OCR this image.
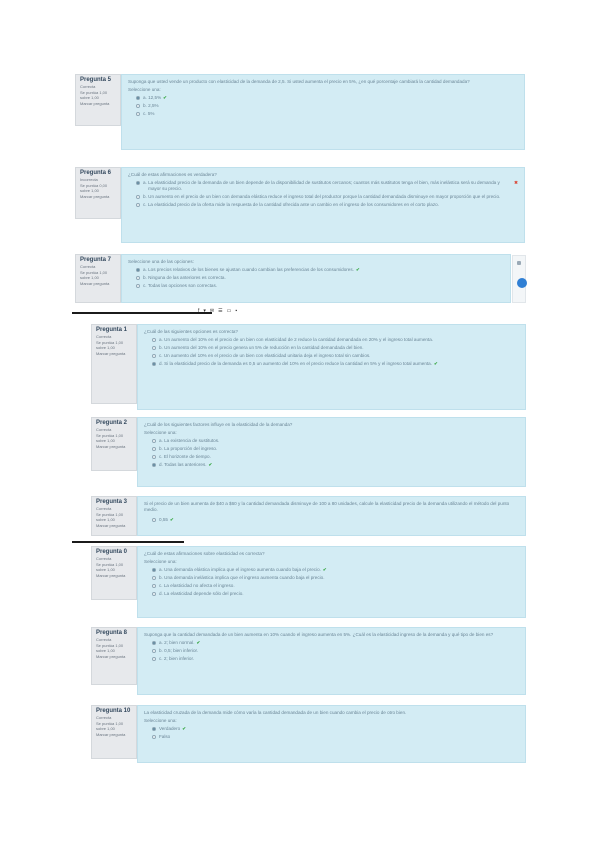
Pregunta 5
Correcta
Se puntúa 1,00 sobre 1,00
Marcar pregunta

Suponga que usted vende un producto con elasticidad de la demanda de 2,5. Si usted aumenta el precio en 5%, ¿en qué porcentaje cambiará la cantidad demandada?

Seleccione una:

a.
12,5% ✔
b.
2,5%
c.
5%
Pregunta 6
Incorrecta
Se puntúa 0,00 sobre 1,00
Marcar pregunta

¿Cuál de estas afirmaciones es verdadera?

a.
La elasticidad precio de la demanda de un bien depende de la disponibilidad de sustitutos cercanos; cuantos más sustitutos tenga el bien, más inelástica será su demanda y mayor su precio.
✖
b.
Un aumento en el precio de un bien con demanda elástica reduce el ingreso total del productor porque la cantidad demandada disminuye en mayor proporción que el precio.
c.
La elasticidad precio de la oferta mide la respuesta de la cantidad ofrecida ante un cambio en el ingreso de los consumidores en el corto plazo.
Pregunta 7
Correcta
Se puntúa 1,00 sobre 1,00
Marcar pregunta

Seleccione una de las opciones:

a.
Los precios relativos de los bienes se ajustan cuando cambian las preferencias de los consumidores. ✔
b.
Ninguna de las anteriores es correcta.
c.
Todas las opciones son correctas.
f ▾ ✉ ☰ ▭ ▪
Pregunta 1
Correcta
Se puntúa 1,00 sobre 1,00
Marcar pregunta

¿Cuál de las siguientes opciones es correcta?

a.
Un aumento del 10% en el precio de un bien con elasticidad de 2 reduce la cantidad demandada en 20% y el ingreso total aumenta.
b.
Un aumento del 10% en el precio genera un 5% de reducción en la cantidad demandada del bien.
c.
Un aumento del 10% en el precio de un bien con elasticidad unitaria deja el ingreso total sin cambios.
d.
Si la elasticidad precio de la demanda es 0,5 un aumento del 10% en el precio reduce la cantidad en 5% y el ingreso total aumenta. ✔
Pregunta 2
Correcta
Se puntúa 1,00 sobre 1,00
Marcar pregunta

¿Cuál de los siguientes factores influye en la elasticidad de la demanda?

Seleccione una:

a.
La existencia de sustitutos.
b.
La proporción del ingreso.
c.
El horizonte de tiempo.
d.
Todas las anteriores. ✔
Pregunta 3
Correcta
Se puntúa 1,00 sobre 1,00
Marcar pregunta

Si el precio de un bien aumenta de $40 a $60 y la cantidad demandada disminuye de 100 a 80 unidades, calcule la elasticidad precio de la demanda utilizando el método del punto medio.

0,55 ✔
Pregunta 0
Correcta
Se puntúa 1,00 sobre 1,00
Marcar pregunta

¿Cuál de estas afirmaciones sobre elasticidad es correcta?

Seleccione una:

a.
Una demanda elástica implica que el ingreso aumenta cuando baja el precio. ✔
b.
Una demanda inelástica implica que el ingreso aumenta cuando baja el precio.
c.
La elasticidad no afecta el ingreso.
d.
La elasticidad depende sólo del precio.
Pregunta 8
Correcta
Se puntúa 1,00 sobre 1,00
Marcar pregunta

Suponga que la cantidad demandada de un bien aumenta en 10% cuando el ingreso aumenta en 5%. ¿Cuál es la elasticidad ingreso de la demanda y qué tipo de bien es?

a.
2; bien normal. ✔
b.
0,5; bien inferior.
c.
2; bien inferior.
Pregunta 10
Correcta
Se puntúa 1,00 sobre 1,00
Marcar pregunta

La elasticidad cruzada de la demanda mide cómo varía la cantidad demandada de un bien cuando cambia el precio de otro bien.

Seleccione una:

Verdadero ✔
Falso
